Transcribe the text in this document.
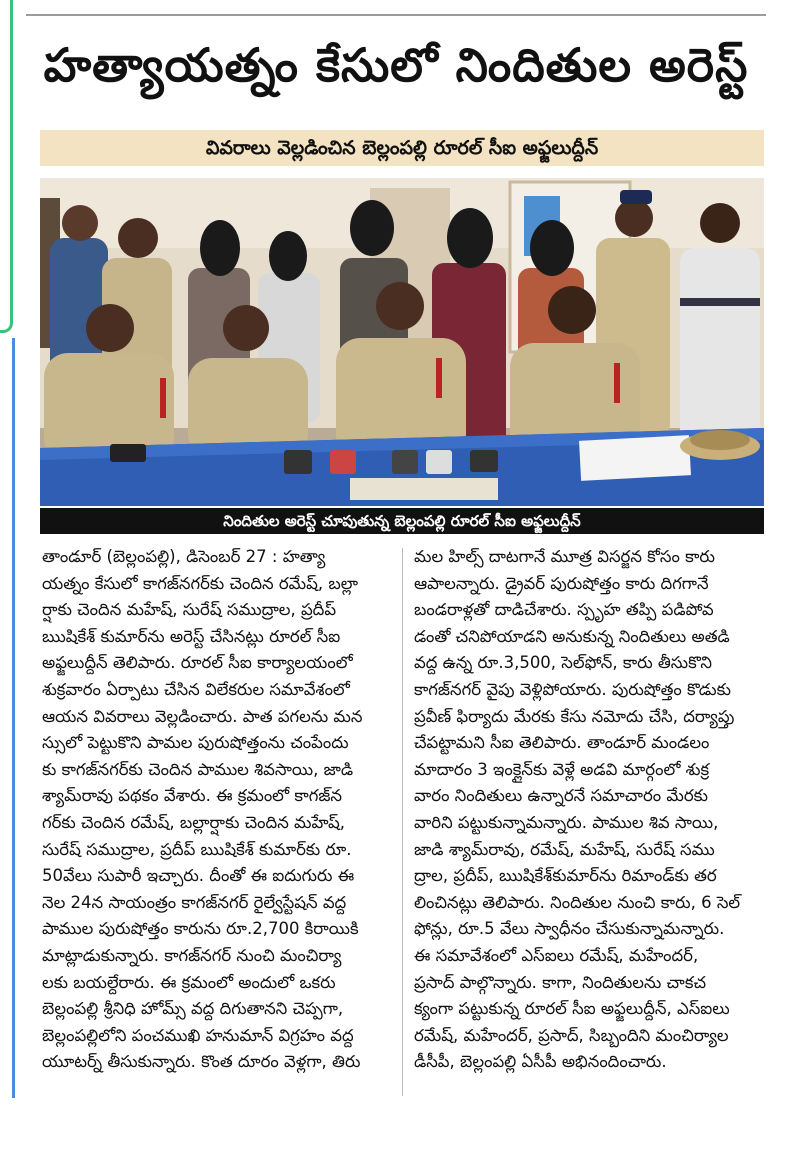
హత్యాయత్నం కేసులో నిందితుల అరెస్ట్
వివరాలు వెల్లడించిన బెల్లంపల్లి రూరల్ సీఐ అఫ్జలుద్దీన్
నిందితుల అరెస్ట్ చూపుతున్న బెల్లంపల్లి రూరల్ సీఐ అఫ్జలుద్దీన్

తాండూర్ (బెల్లంపల్లి), డిసెంబర్ 27 : హత్యా

యత్నం కేసులో కాగజ్‌నగర్‌కు చెందిన రమేష్, బల్లా

ర్షాకు చెందిన మహేష్, సురేష్ సముద్రాల, ప్రదీప్

ఋషికేశ్ కుమార్‌ను అరెస్ట్ చేసినట్లు రూరల్ సీఐ

అఫ్జలుద్దీన్ తెలిపారు. రూరల్ సీఐ కార్యాలయంలో

శుక్రవారం ఏర్పాటు చేసిన విలేకరుల సమావేశంలో

ఆయన వివరాలు వెల్లడించారు. పాత పగలను మన

స్సులో పెట్టుకొని పామల పురుషోత్తంను చంపేందు

కు కాగజ్‌నగర్‌కు చెందిన పాముల శివసాయి, జాడి

శ్యామ్‌రావు పథకం వేశారు. ఈ క్రమంలో కాగజ్‌న

గర్‌కు చెందిన రమేష్, బల్లార్షాకు చెందిన మహేష్,

సురేష్ సముద్రాల, ప్రదీప్ ఋషికేశ్ కుమార్‌కు రూ.

50వేలు సుపారీ ఇచ్చారు. దీంతో ఈ ఐదుగురు ఈ

నెల 24న సాయంత్రం కాగజ్‌నగర్ రైల్వేస్టేషన్ వద్ద

పాముల పురుషోత్తం కారును రూ.2,700 కిరాయికి

మాట్లాడుకున్నారు. కాగజ్‌నగర్ నుంచి మంచిర్యా

లకు బయల్దేరారు. ఈ క్రమంలో అందులో ఒకరు

బెల్లంపల్లి శ్రీనిధి హోమ్స్ వద్ద దిగుతానని చెప్పగా,

బెల్లంపల్లిలోని పంచముఖి హనుమాన్ విగ్రహం వద్ద

యూటర్న్ తీసుకున్నారు. కొంత దూరం వెళ్లగా, తిరు

మల హిల్స్ దాటగానే మూత్ర విసర్జన కోసం కారు

ఆపాలన్నారు. డ్రైవర్ పురుషోత్తం కారు దిగగానే

బండరాళ్లతో దాడిచేశారు. స్పృహ తప్పి పడిపోవ

డంతో చనిపోయాడని అనుకున్న నిందితులు అతడి

వద్ద ఉన్న రూ.3,500, సెల్‌ఫోన్, కారు తీసుకొని

కాగజ్‌నగర్ వైపు వెళ్లిపోయారు. పురుషోత్తం కొడుకు

ప్రవీణ్ ఫిర్యాదు మేరకు కేసు నమోదు చేసి, దర్యాప్తు

చేపట్టామని సీఐ తెలిపారు. తాండూర్ మండలం

మాదారం 3 ఇంక్లైన్‌కు వెళ్లే అడవి మార్గంలో శుక్ర

వారం నిందితులు ఉన్నారనే సమాచారం మేరకు

వారిని పట్టుకున్నామన్నారు. పాముల శివ సాయి,

జాడి శ్యామ్‌రావు, రమేష్, మహేష్, సురేష్ సము

ద్రాల, ప్రదీప్, ఋషికేశ్‌కుమార్‌ను రిమాండ్‌కు తర

లించినట్లు తెలిపారు. నిందితుల నుంచి కారు, 6 సెల్

ఫోన్లు, రూ.5 వేలు స్వాధీనం చేసుకున్నామన్నారు.

ఈ సమావేశంలో ఎస్ఐలు రమేష్, మహేందర్,

ప్రసాద్ పాల్గొన్నారు. కాగా, నిందితులను చాకచ

క్యంగా పట్టుకున్న రూరల్ సీఐ అఫ్జలుద్దీన్, ఎస్ఐలు

రమేష్, మహేందర్, ప్రసాద్, సిబ్బందిని మంచిర్యాల

డీసీపీ, బెల్లంపల్లి ఏసీపీ అభినందించారు.
